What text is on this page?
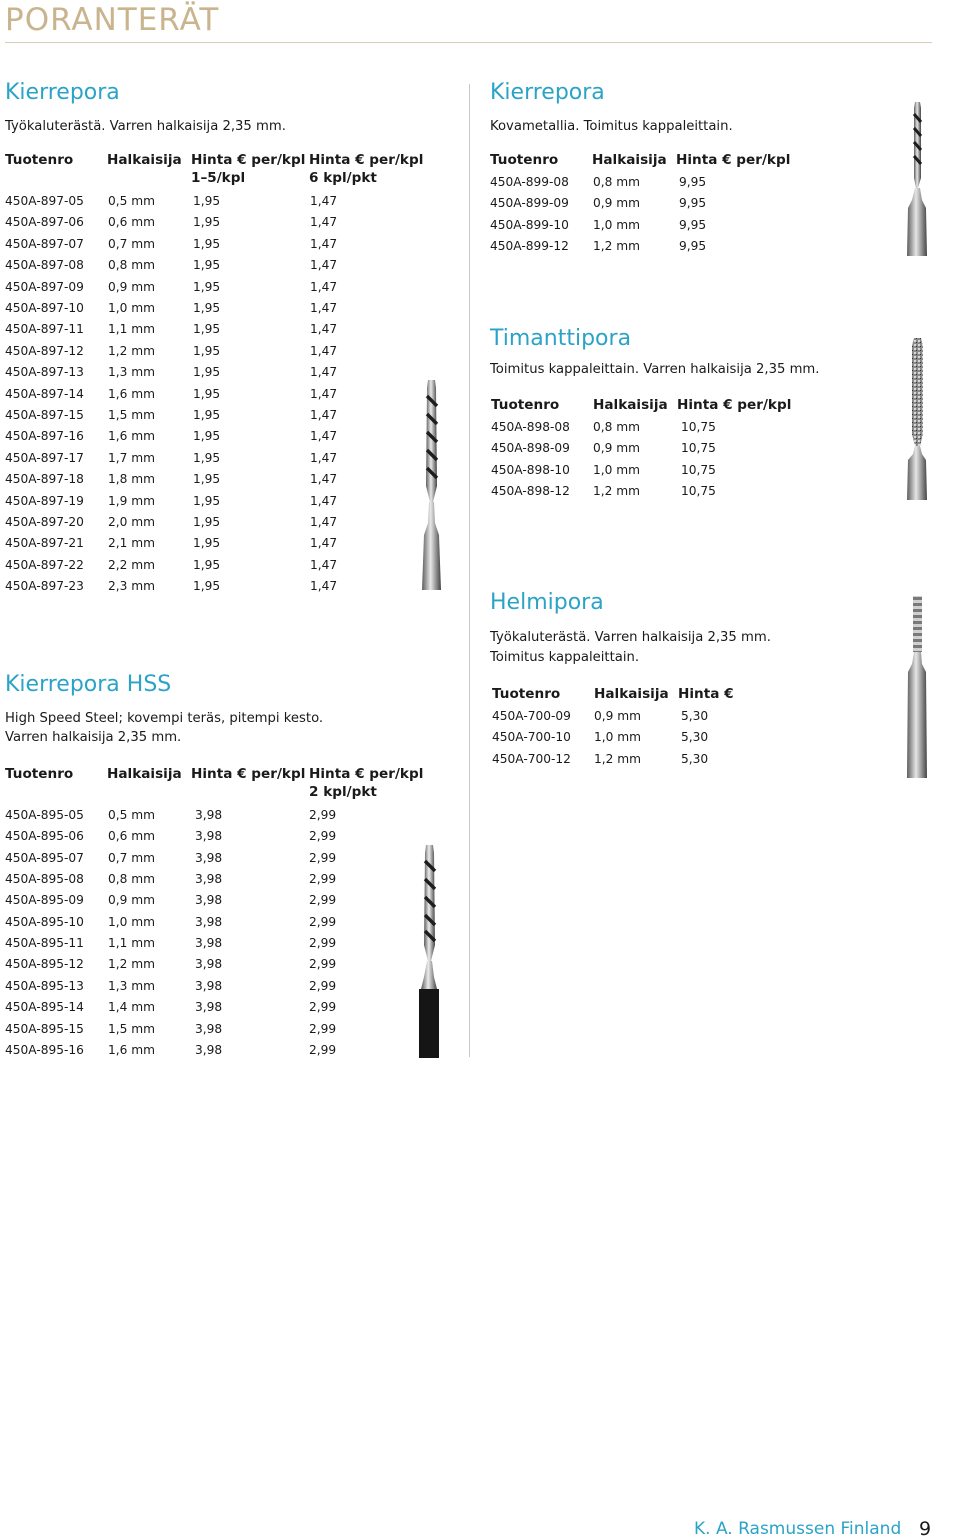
PORANTERÄT
Kierrepora
Työkaluterästä. Varren halkaisija 2,35 mm.
Tuotenro Halkaisija Hinta € per/kpl
1–5/kpl
Hinta € per/kpl
6 kpl/pkt
450A-897-05 0,5 mm	1,95	1,47
450A-897-06 0,6 mm	1,95	1,47
450A-897-07 0,7 mm	1,95	1,47
450A-897-08 0,8 mm	1,95	1,47
450A-897-09 0,9 mm	1,95	1,47
450A-897-10 1,0 mm	1,95	1,47
450A-897-11 1,1 mm	1,95	1,47
450A-897-12 1,2 mm	1,95	1,47
450A-897-13 1,3 mm	1,95	1,47
450A-897-14 1,6 mm	1,95	1,47
450A-897-15 1,5 mm	1,95	1,47
450A-897-16 1,6 mm	1,95	1,47
450A-897-17 1,7 mm	1,95	1,47
450A-897-18 1,8 mm	1,95	1,47
450A-897-19 1,9 mm	1,95	1,47
450A-897-20 2,0 mm	1,95	1,47
450A-897-21 2,1 mm	1,95	1,47
450A-897-22 2,2 mm	1,95	1,47
450A-897-23 2,3 mm	1,95	1,47
Kierrepora HSS
High Speed Steel; kovempi teräs, pitempi kesto.
Varren halkaisija 2,35 mm.
Tuotenro Halkaisija Hinta € per/kpl Hinta € per/kpl
2 kpl/pkt
450A-895-05 0,5 mm	3,98	2,99
450A-895-06 0,6 mm	3,98	2,99
450A-895-07 0,7 mm	3,98	2,99
450A-895-08 0,8 mm	3,98	2,99
450A-895-09 0,9 mm	3,98	2,99
450A-895-10 1,0 mm	3,98	2,99
450A-895-11 1,1 mm	3,98	2,99
450A-895-12 1,2 mm	3,98	2,99
450A-895-13 1,3 mm	3,98	2,99
450A-895-14 1,4 mm	3,98	2,99
450A-895-15 1,5 mm	3,98	2,99
450A-895-16 1,6 mm	3,98	2,99
Kierrepora
Kovametallia. Toimitus kappaleittain.
Tuotenro Halkaisija Hinta € per/kpl
450A-899-08 0,8 mm	9,95
450A-899-09 0,9 mm	9,95
450A-899-10 1,0 mm	9,95
450A-899-12 1,2 mm	9,95
Timanttipora
Toimitus kappaleittain. Varren halkaisija 2,35 mm.
Tuotenro Halkaisija Hinta € per/kpl
450A-898-08 0,8 mm	10,75
450A-898-09 0,9 mm	10,75
450A-898-10 1,0 mm	10,75
450A-898-12 1,2 mm	10,75
Helmipora
Työkaluterästä. Varren halkaisija 2,35 mm.
Toimitus kappaleittain.
Tuotenro Halkaisija Hinta €
450A-700-09 0,9 mm	5,30
450A-700-10 1,0 mm	5,30
450A-700-12 1,2 mm	5,30
K. A. Rasmussen Finland 9
